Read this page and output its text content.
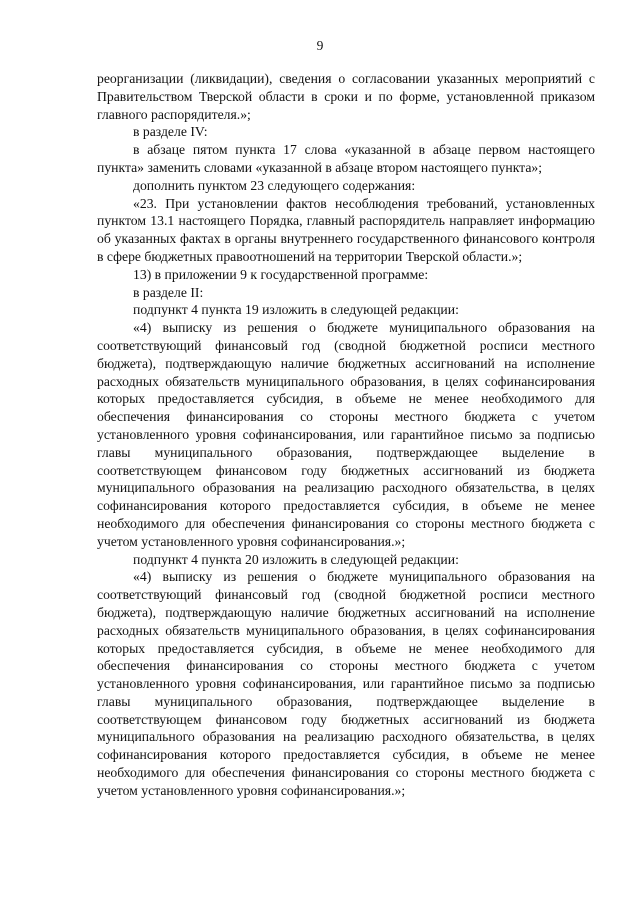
9

реорганизации (ликвидации), сведения о согласовании указанных мероприятий с Правительством Тверской области в сроки и по форме, установленной приказом главного распорядителя.»;

в разделе IV:

в абзаце пятом пункта 17 слова «указанной в абзаце первом настоящего пункта» заменить словами «указанной в абзаце втором настоящего пункта»;

дополнить пунктом 23 следующего содержания:

«23. При установлении фактов несоблюдения требований, установленных пунктом 13.1 настоящего Порядка, главный распорядитель направляет информацию об указанных фактах в органы внутреннего государственного финансового контроля в сфере бюджетных правоотношений на территории Тверской области.»;

13) в приложении 9 к государственной программе:

в разделе II:

подпункт 4 пункта 19 изложить в следующей редакции:

«4) выписку из решения о бюджете муниципального образования на соответствующий финансовый год (сводной бюджетной росписи местного бюджета), подтверждающую наличие бюджетных ассигнований на исполнение расходных обязательств муниципального образования, в целях софинансирования которых предоставляется субсидия, в объеме не менее необходимого для обеспечения финансирования со стороны местного бюджета с учетом установленного уровня софинансирования, или гарантийное письмо за подписью главы муниципального образования, подтверждающее выделение в соответствующем финансовом году бюджетных ассигнований из бюджета муниципального образования на реализацию расходного обязательства, в целях софинансирования которого предоставляется субсидия, в объеме не менее необходимого для обеспечения финансирования со стороны местного бюджета с учетом установленного уровня софинансирования.»;

подпункт 4 пункта 20 изложить в следующей редакции:

«4) выписку из решения о бюджете муниципального образования на соответствующий финансовый год (сводной бюджетной росписи местного бюджета), подтверждающую наличие бюджетных ассигнований на исполнение расходных обязательств муниципального образования, в целях софинансирования которых предоставляется субсидия, в объеме не менее необходимого для обеспечения финансирования со стороны местного бюджета с учетом установленного уровня софинансирования, или гарантийное письмо за подписью главы муниципального образования, подтверждающее выделение в соответствующем финансовом году бюджетных ассигнований из бюджета муниципального образования на реализацию расходного обязательства, в целях софинансирования которого предоставляется субсидия, в объеме не менее необходимого для обеспечения финансирования со стороны местного бюджета с учетом установленного уровня софинансирования.»;
